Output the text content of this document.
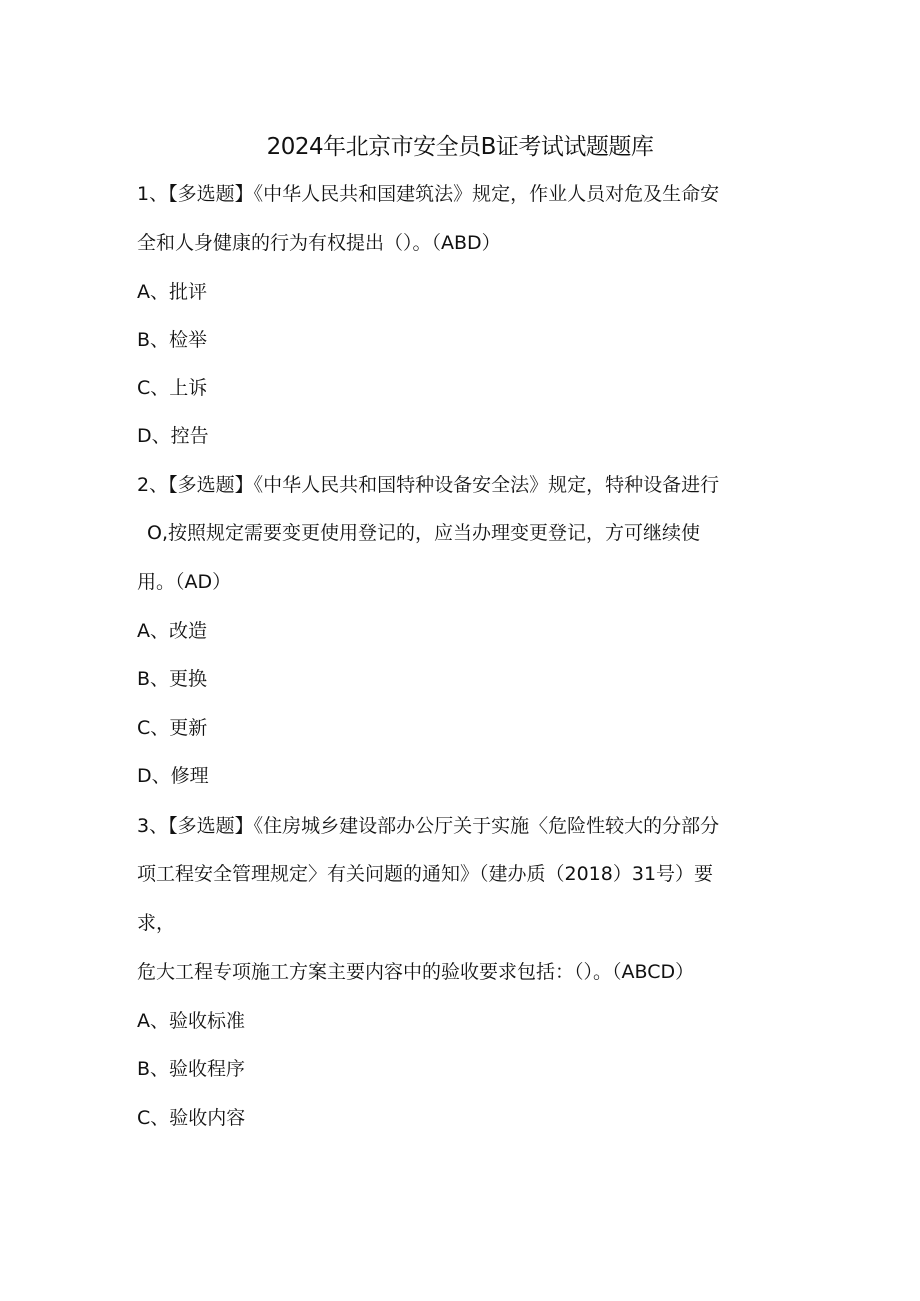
2024年北京市安全员B证考试试题题库
1、【多选题】《中华人民共和国建筑法》规定，作业人员对危及生命安
全和人身健康的行为有权提出（）。（ABD）
A、批评
B、检举
C、上诉
D、控告
2、【多选题】《中华人民共和国特种设备安全法》规定，特种设备进行
O,按照规定需要变更使用登记的，应当办理变更登记，方可继续使
用。（AD）
A、改造
B、更换
C、更新
D、修理
3、【多选题】《住房城乡建设部办公厅关于实施〈危险性较大的分部分
项工程安全管理规定〉有关问题的通知》（建办质（2018）31号）要
求，
危大工程专项施工方案主要内容中的验收要求包括：（）。（ABCD）
A、验收标准
B、验收程序
C、验收内容
